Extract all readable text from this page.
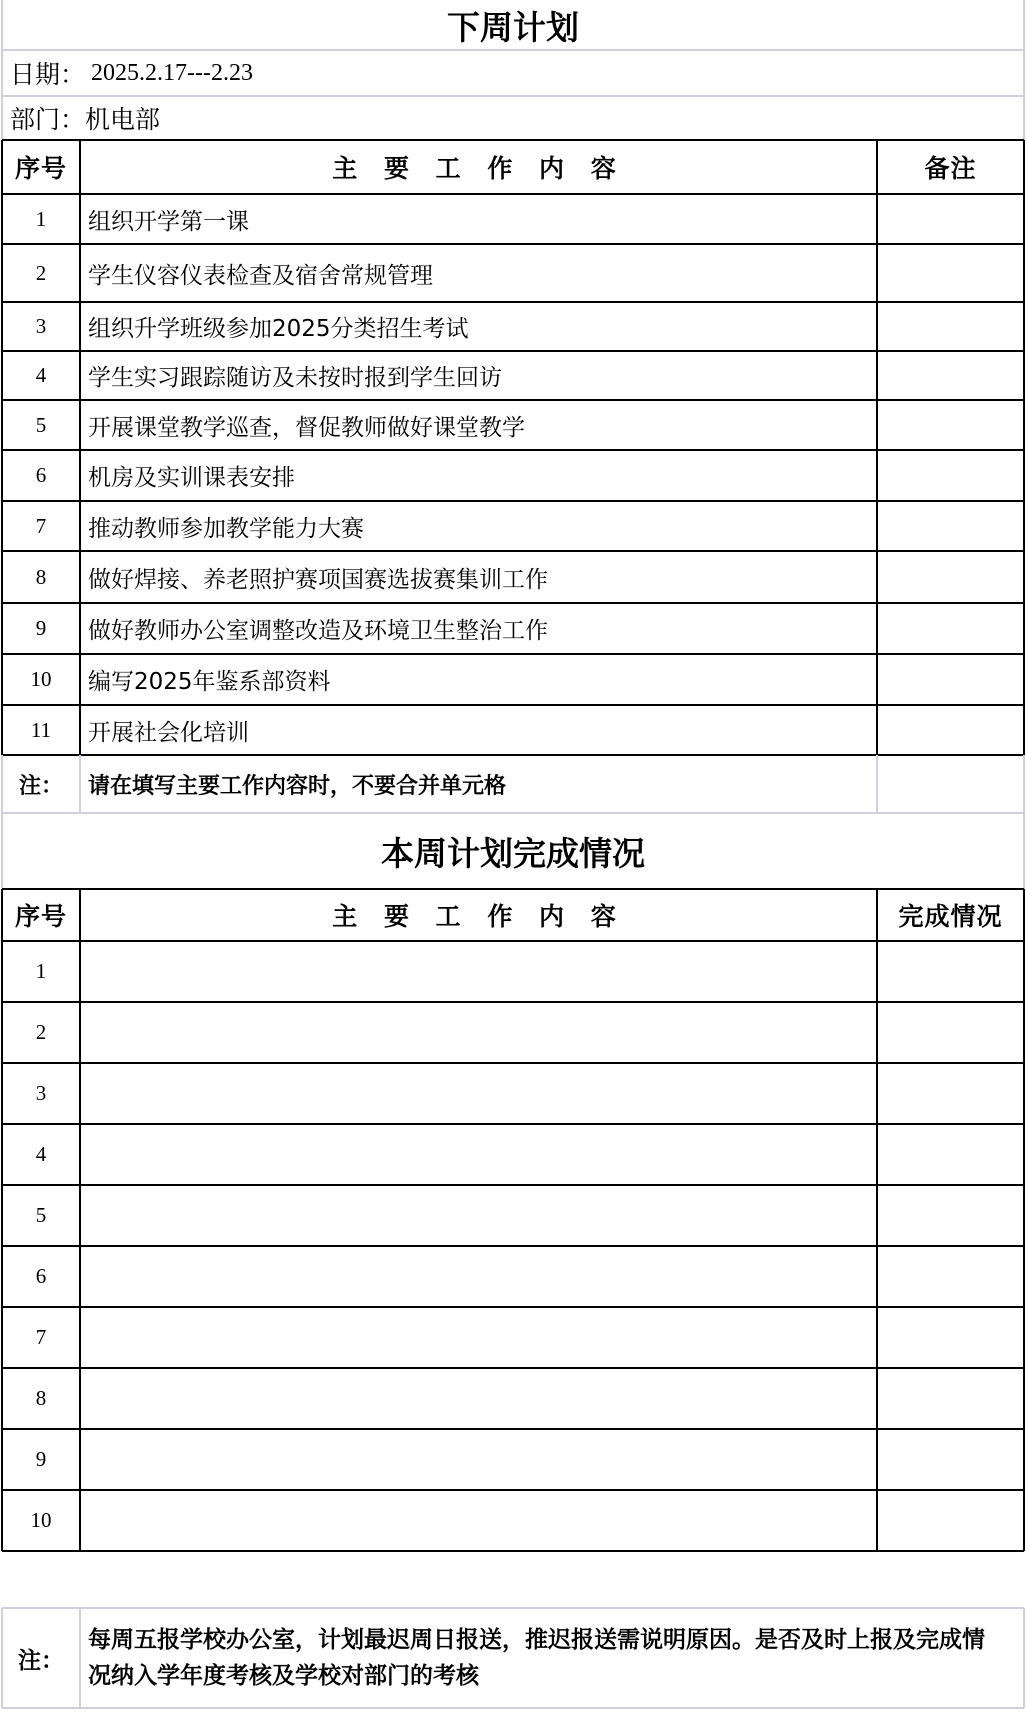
下周计划
日期： 2025.2.17---2.23
部门： 机电部
序号	主 要 工 作 内 容	备注
1	组织开学第一课
2	学生仪容仪表检查及宿舍常规管理
3	组织升学班级参加2025分类招生考试
4	学生实习跟踪随访及未按时报到学生回访
5	开展课堂教学巡查，督促教师做好课堂教学
6	机房及实训课表安排
7	推动教师参加教学能力大赛
8	做好焊接、养老照护赛项国赛选拔赛集训工作
9	做好教师办公室调整改造及环境卫生整治工作
10	编写2025年鉴系部资料
11	开展社会化培训
注：	请在填写主要工作内容时，不要合并单元格
本周计划完成情况
序号	主 要 工 作 内 容	完成情况
1
2
3
4
5
6
7
8
9
10
注：
每周五报学校办公室，计划最迟周日报送，推迟报送需说明原因。是否及时上报及完成情况纳入学年度考核及学校对部门的考核
